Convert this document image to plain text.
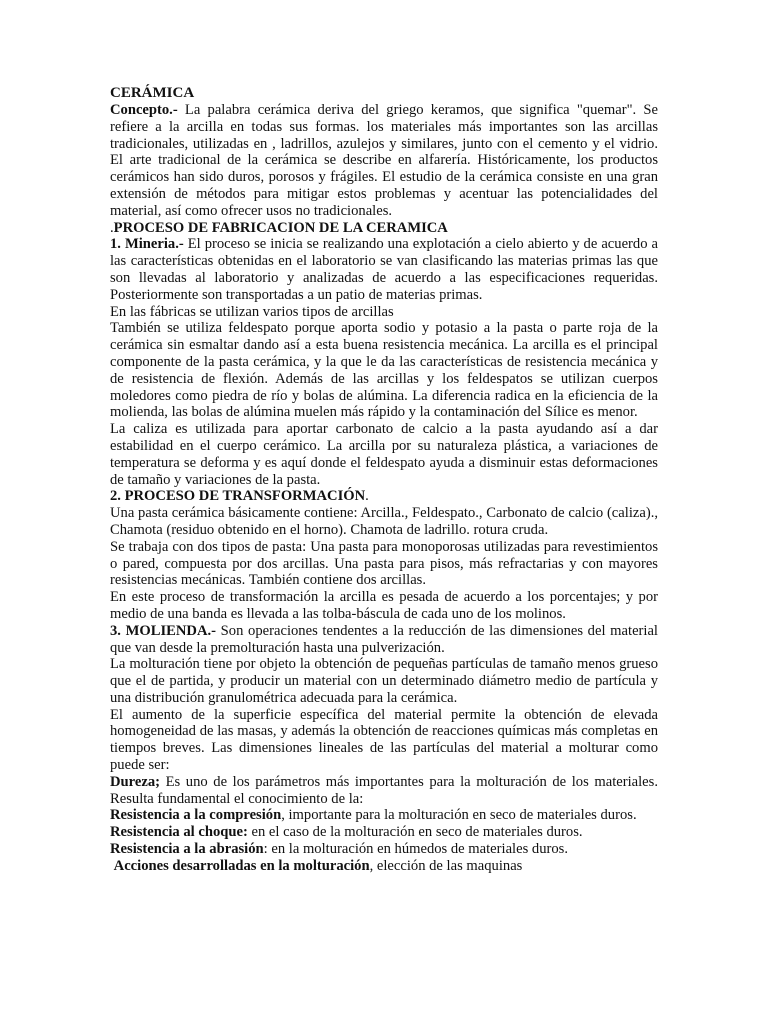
CERÁMICA

Concepto.- La palabra cerámica deriva del griego keramos, que significa "quemar". Se refiere a la arcilla en todas sus formas. los materiales más importantes son las arcillas tradicionales, utilizadas en , ladrillos, azulejos y similares, junto con el cemento y el vidrio. El arte tradicional de la cerámica se describe en alfarería. Históricamente, los productos cerámicos han sido duros, porosos y frágiles. El estudio de la cerámica consiste en una gran extensión de métodos para mitigar estos problemas y acentuar las potencialidades del material, así como ofrecer usos no tradicionales.

.PROCESO DE FABRICACION DE LA CERAMICA

1. Mineria.- El proceso se inicia se realizando una explotación a cielo abierto y de acuerdo a las características obtenidas en el laboratorio se van clasificando las materias primas las que son llevadas al laboratorio y analizadas de acuerdo a las especificaciones requeridas. Posteriormente son transportadas a un patio de materias primas.

En las fábricas se utilizan varios tipos de arcillas

También se utiliza feldespato porque aporta sodio y potasio a la pasta o parte roja de la cerámica sin esmaltar dando así a esta buena resistencia mecánica. La arcilla es el principal componente de la pasta cerámica, y la que le da las características de resistencia mecánica y de resistencia de flexión. Además de las arcillas y los feldespatos se utilizan cuerpos moledores como piedra de río y bolas de alúmina. La diferencia radica en la eficiencia de la molienda, las bolas de alúmina muelen más rápido y la contaminación del Sílice es menor.

La caliza es utilizada para aportar carbonato de calcio a la pasta ayudando así a dar estabilidad en el cuerpo cerámico. La arcilla por su naturaleza plástica, a variaciones de temperatura se deforma y es aquí donde el feldespato ayuda a disminuir estas deformaciones de tamaño y variaciones de la pasta.

2. PROCESO DE TRANSFORMACIÓN.

Una pasta cerámica básicamente contiene: Arcilla., Feldespato., Carbonato de calcio (caliza)., Chamota (residuo obtenido en el horno). Chamota de ladrillo. rotura cruda.

Se trabaja con dos tipos de pasta: Una pasta para monoporosas utilizadas para revestimientos o pared, compuesta por dos arcillas. Una pasta para pisos, más refractarias y con mayores resistencias mecánicas. También contiene dos arcillas.

En este proceso de transformación la arcilla es pesada de acuerdo a los porcentajes; y por medio de una banda es llevada a las tolba-báscula de cada uno de los molinos.

3. MOLIENDA.- Son operaciones tendentes a la reducción de las dimensiones del material que van desde la premolturación hasta una pulverización.

La molturación tiene por objeto la obtención de pequeñas partículas de tamaño menos grueso que el de partida, y producir un material con un determinado diámetro medio de partícula y una distribución granulométrica adecuada para la cerámica.

El aumento de la superficie específica del material permite la obtención de elevada homogeneidad de las masas, y además la obtención de reacciones químicas más completas en tiempos breves. Las dimensiones lineales de las partículas del material a molturar como puede ser:

Dureza; Es uno de los parámetros más importantes para la molturación de los materiales. Resulta fundamental el conocimiento de la:

Resistencia a la compresión, importante para la molturación en seco de materiales duros.

Resistencia al choque: en el caso de la molturación en seco de materiales duros.

Resistencia a la abrasión: en la molturación en húmedos de materiales duros.

Acciones desarrolladas en la molturación, elección de las maquinas
